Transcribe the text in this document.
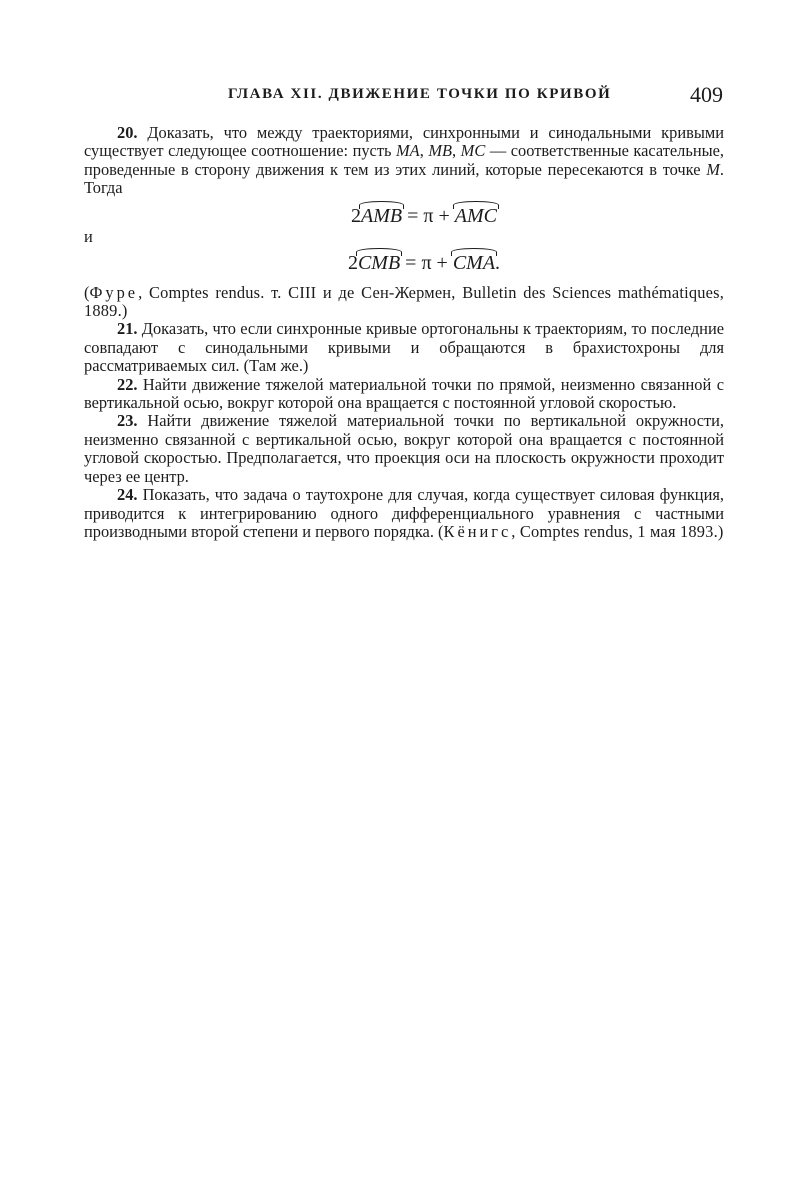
ГЛАВА XII. ДВИЖЕНИЕ ТОЧКИ ПО КРИВОЙ	409

20. Доказать, что между траекториями, синхронными и синодальными кривыми существует следующее соотношение: пусть MA, MB, MC — соответственные касательные, проведенные в сторону движения к тем из этих линий, которые пересекаются в точке M. Тогда

2AMB = π + AMC

и

2CMB = π + CMA.

(Фуре, Comptes rendus. т. CIII и де Сен-Жермен, Bulletin des Sciences mathématiques, 1889.)

21. Доказать, что если синхронные кривые ортогональны к траекториям, то последние совпадают с синодальными кривыми и обращаются в брахистохроны для рассматриваемых сил. (Там же.)

22. Найти движение тяжелой материальной точки по прямой, неизменно связанной с вертикальной осью, вокруг которой она вращается с постоянной угловой скоростью.

23. Найти движение тяжелой материальной точки по вертикальной окружности, неизменно связанной с вертикальной осью, вокруг которой она вращается с постоянной угловой скоростью. Предполагается, что проекция оси на плоскость окружности проходит через ее центр.

24. Показать, что задача о таутохроне для случая, когда существует силовая функция, приводится к интегрированию одного дифференциального уравнения с частными производными второй степени и первого порядка. (Кёнигс, Comptes rendus, 1 мая 1893.)
